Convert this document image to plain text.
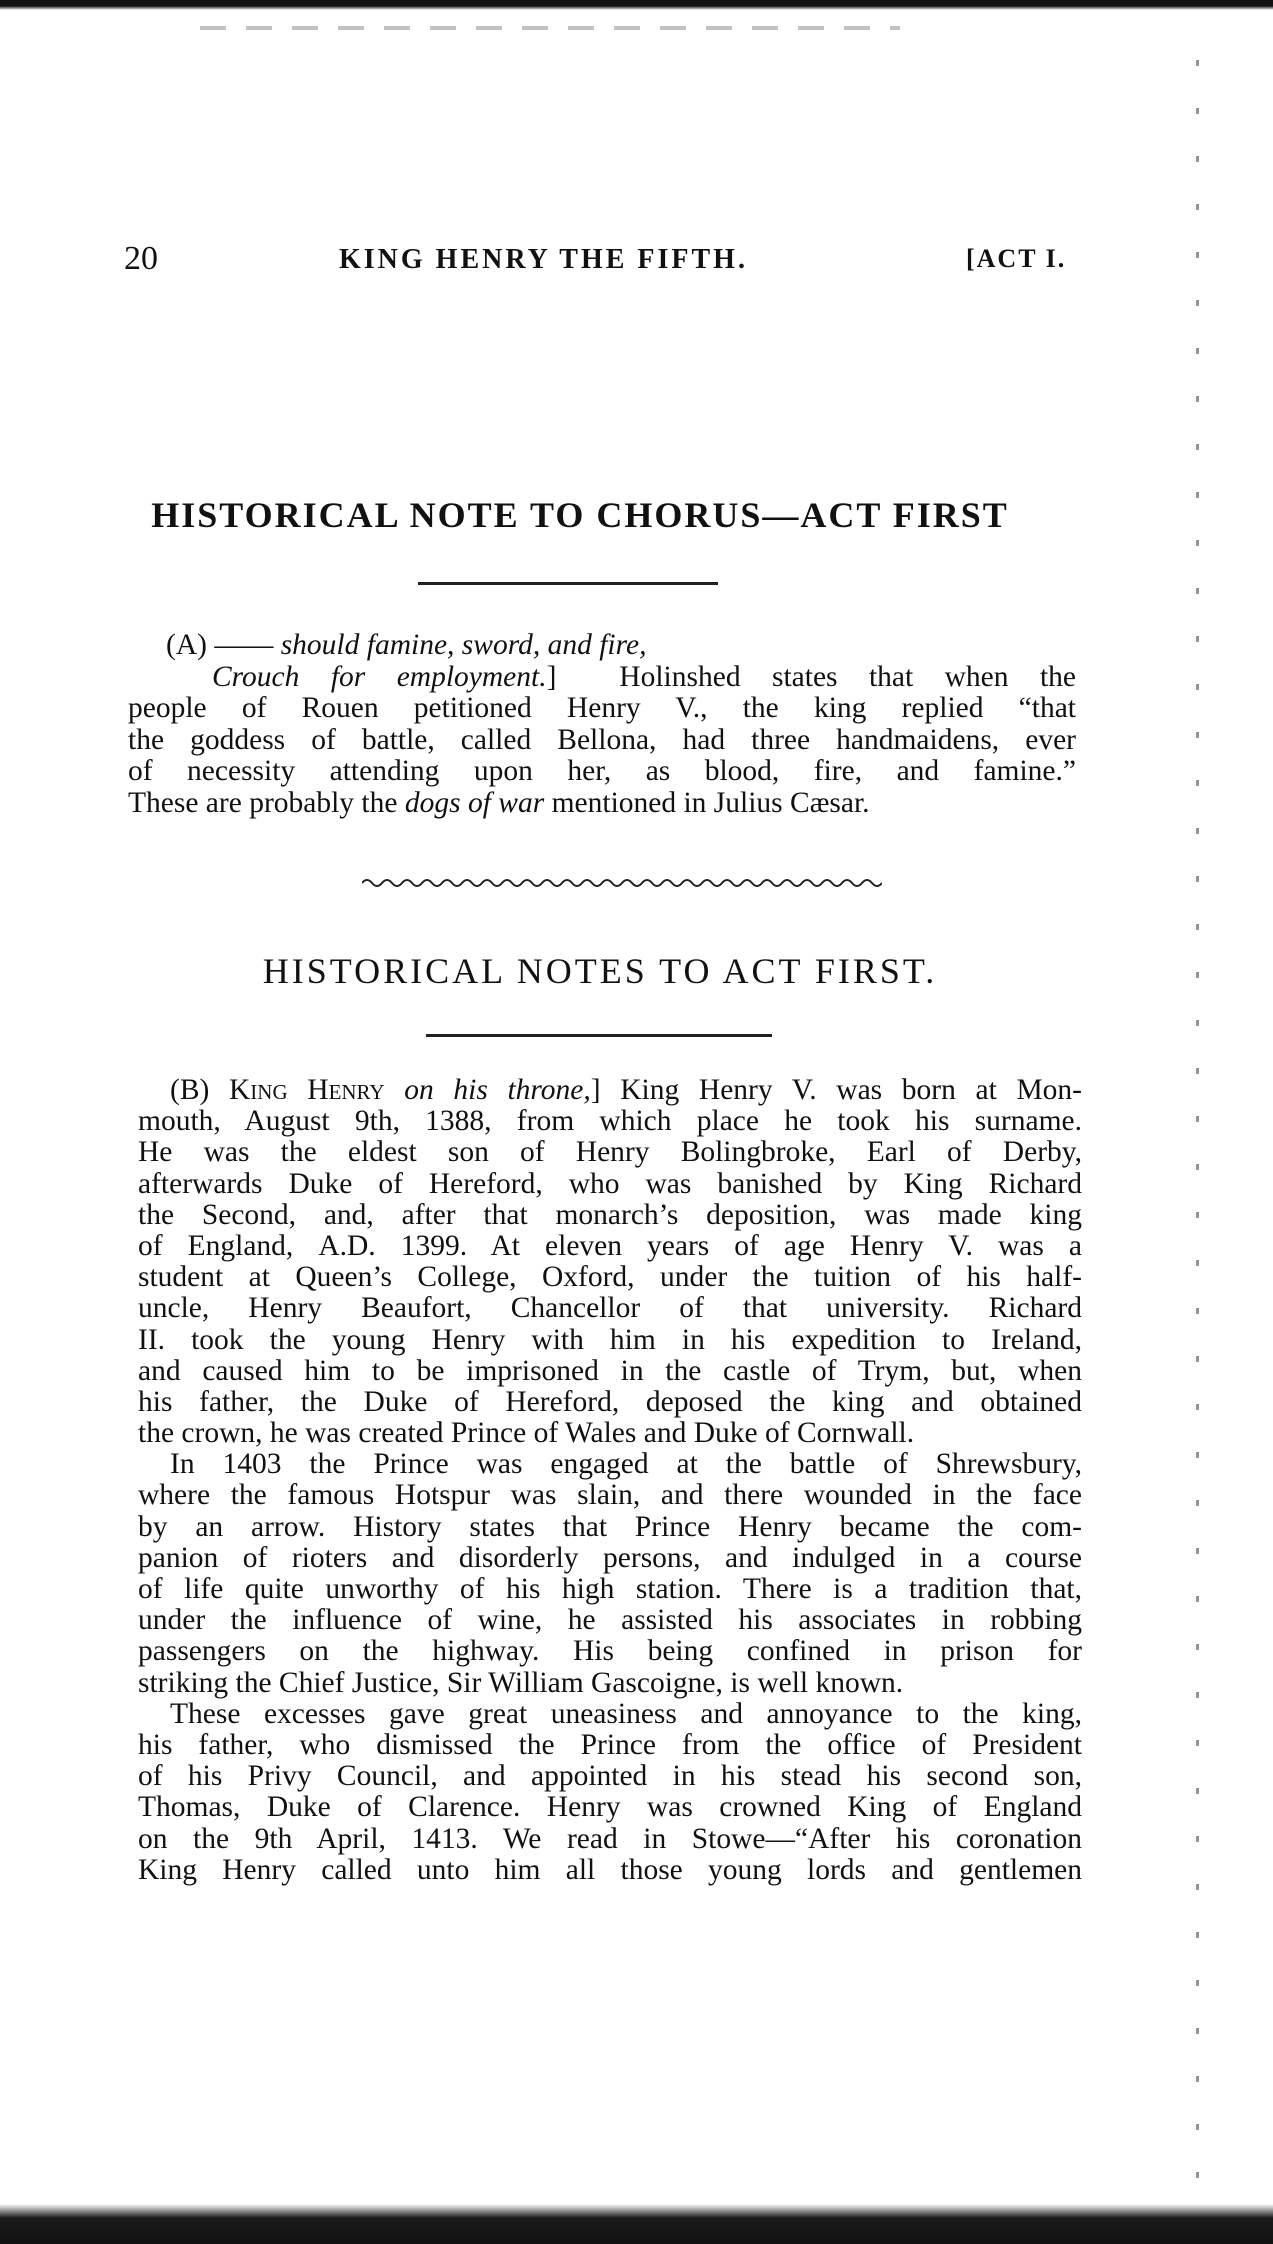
20	KING HENRY THE FIFTH.	[ACT I.
HISTORICAL NOTE TO CHORUS—ACT FIRST
(A) —— should famine, sword, and fire,
Crouch for employment.] Holinshed states that when the
people of Rouen petitioned Henry V., the king replied “that
the goddess of battle, called Bellona, had three handmaidens, ever
of necessity attending upon her, as blood, fire, and famine.”
These are probably the dogs of war mentioned in Julius Cæsar.
HISTORICAL NOTES TO ACT FIRST.
(B) King Henry on his throne,] King Henry V. was born at Mon-
mouth, August 9th, 1388, from which place he took his surname.
He was the eldest son of Henry Bolingbroke, Earl of Derby,
afterwards Duke of Hereford, who was banished by King Richard
the Second, and, after that monarch’s deposition, was made king
of England, A.D. 1399. At eleven years of age Henry V. was a
student at Queen’s College, Oxford, under the tuition of his half-
uncle, Henry Beaufort, Chancellor of that university. Richard
II. took the young Henry with him in his expedition to Ireland,
and caused him to be imprisoned in the castle of Trym, but, when
his father, the Duke of Hereford, deposed the king and obtained
the crown, he was created Prince of Wales and Duke of Cornwall.
In 1403 the Prince was engaged at the battle of Shrewsbury,
where the famous Hotspur was slain, and there wounded in the face
by an arrow. History states that Prince Henry became the com-
panion of rioters and disorderly persons, and indulged in a course
of life quite unworthy of his high station. There is a tradition that,
under the influence of wine, he assisted his associates in robbing
passengers on the highway. His being confined in prison for
striking the Chief Justice, Sir William Gascoigne, is well known.
These excesses gave great uneasiness and annoyance to the king,
his father, who dismissed the Prince from the office of President
of his Privy Council, and appointed in his stead his second son,
Thomas, Duke of Clarence. Henry was crowned King of England
on the 9th April, 1413. We read in Stowe—“After his coronation
King Henry called unto him all those young lords and gentlemen
